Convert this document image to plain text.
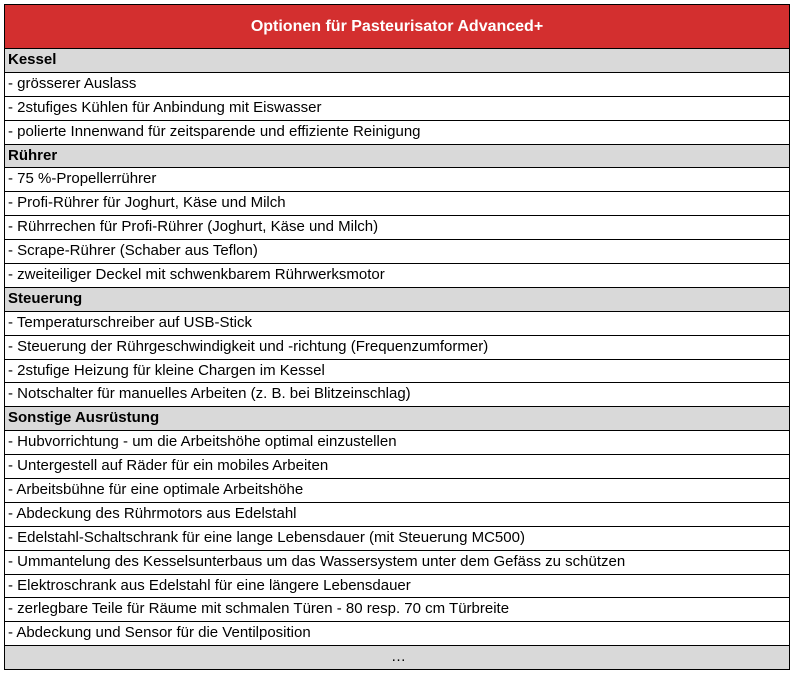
Optionen für Pasteurisator Advanced+
Kessel
- grösserer Auslass
- 2stufiges Kühlen für Anbindung mit Eiswasser
- polierte Innenwand für zeitsparende und effiziente Reinigung
Rührer
- 75 %-Propellerrührer
- Profi-Rührer für Joghurt, Käse und Milch
- Rührrechen für Profi-Rührer (Joghurt, Käse und Milch)
- Scrape-Rührer (Schaber aus Teflon)
- zweiteiliger Deckel mit schwenkbarem Rührwerksmotor
Steuerung
- Temperaturschreiber auf USB-Stick
- Steuerung der Rührgeschwindigkeit und -richtung (Frequenzumformer)
- 2stufige Heizung für kleine Chargen im Kessel
- Notschalter für manuelles Arbeiten (z. B. bei Blitzeinschlag)
Sonstige Ausrüstung
- Hubvorrichtung - um die Arbeitshöhe optimal einzustellen
- Untergestell auf Räder für ein mobiles Arbeiten
- Arbeitsbühne für eine optimale Arbeitshöhe
- Abdeckung des Rührmotors aus Edelstahl
- Edelstahl-Schaltschrank für eine lange Lebensdauer (mit Steuerung MC500)
- Ummantelung des Kesselsunterbaus um das Wassersystem unter dem Gefäss zu schützen
- Elektroschrank aus Edelstahl für eine längere Lebensdauer
- zerlegbare Teile für Räume mit schmalen Türen - 80 resp. 70 cm Türbreite
- Abdeckung und Sensor für die Ventilposition
…
